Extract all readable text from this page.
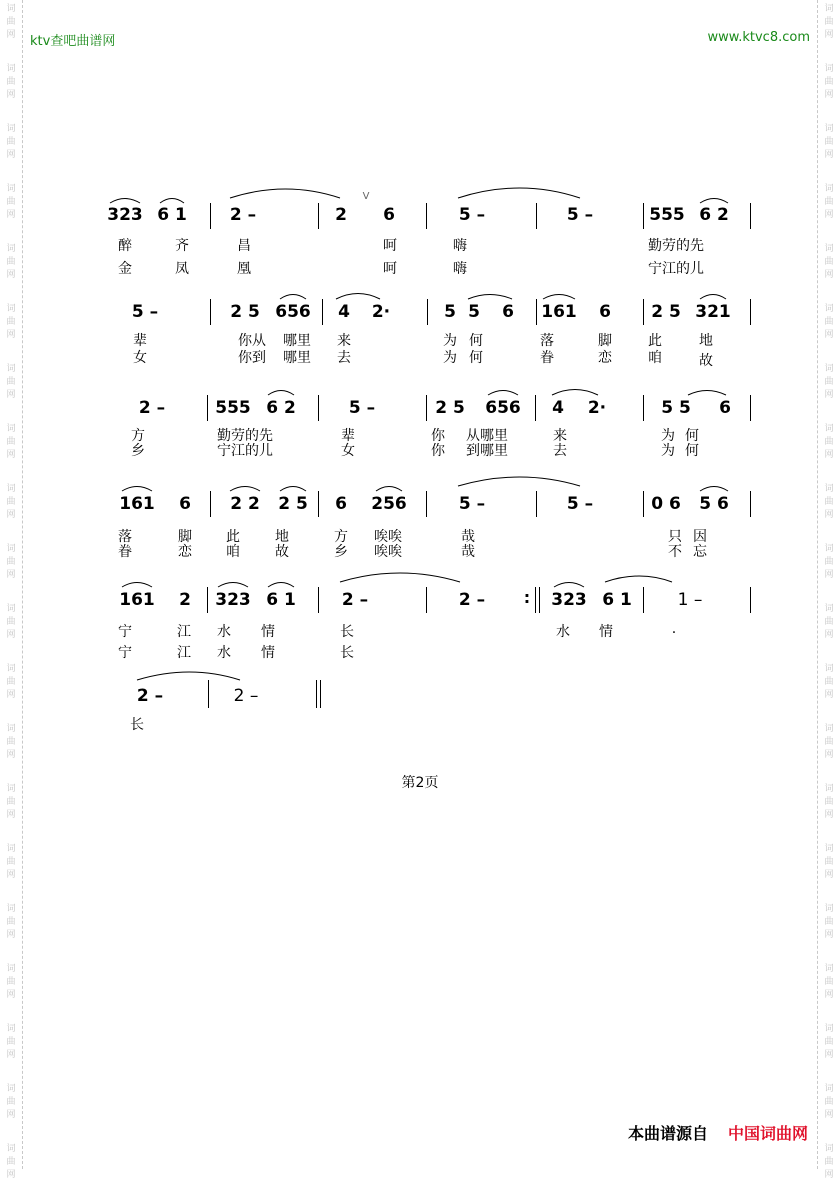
词
曲
网
词
曲
网
词
曲
网
词
曲
网
词
曲
网
词
曲
网
词
曲
网
词
曲
网
词
曲
网
词
曲
网
词
曲
网
词
曲
网
词
曲
网
词
曲
网
词
曲
网
词
曲
网
词
曲
网
词
曲
网
词
曲
网
词
曲
网
词
曲
网
词
曲
网
词
曲
网
词
曲
网
词
曲
网
词
曲
网
词
曲
网
词
曲
网
词
曲
网
词
曲
网
词
曲
网
词
曲
网
词
曲
网
词
曲
网
词
曲
网
词
曲
网
词
曲
网
词
曲
网
词
曲
网
词
曲
网
ktv查吧曲谱网	www.ktvc8.com
323 6 1	2 –	2 6	5 –	5 –	555 6 2
醉	齐	昌	呵	嗨	勤劳的先
金	凤	凰	呵	嗨	宁江的儿
V
5 –	2 5 656 4 2·	5 5 6 161 6 2 5 321
辈	你从 哪里 来	为 何	落	脚	此	地
女	你到 哪里 去	为 何	眷	恋	咱	故
2 –	555 6 2	5 –	2 5 656 4 2·	5 5 6
方	勤劳的先	辈	你 从哪里	来	为 何
乡	宁江的儿	女	你 到哪里	去	为 何
161 6 2 2 2 5 6 256	5 –	5 –	0 6 5 6
落	脚 此	地	方 唉唉	哉	只 因
眷	恋 咱	故	乡 唉唉	哉	不 忘
161 2 323 6 1	2 –	2 – : 323 6 1	1 –
宁	江 水 情	长	水 情	.
宁	江 水 情	长
2 –	2 –
长
第2页
本曲谱源自 中国词曲网
